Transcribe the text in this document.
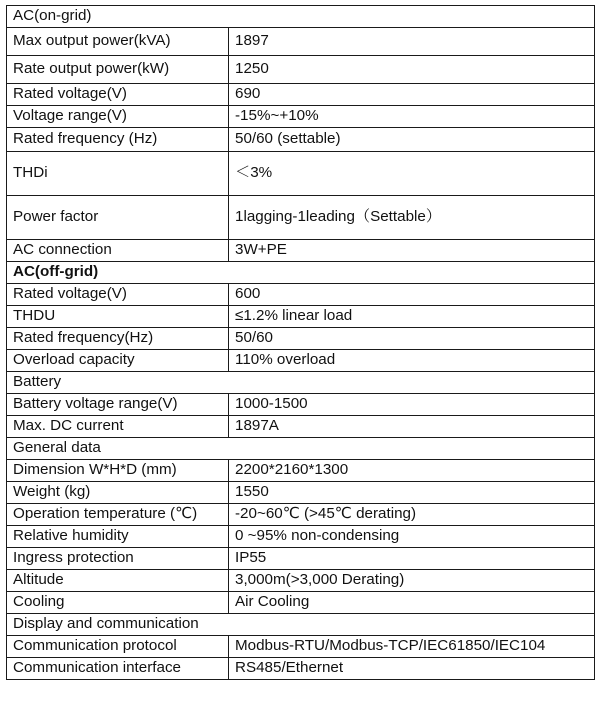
AC(on-grid)	
Max output power(kVA)	1897
Rate output power(kW)	1250
Rated voltage(V)	690
Voltage range(V)	-15%~+10%
Rated frequency (Hz)	50/60 (settable)
THDi	＜3%
Power factor	1lagging-1leading（Settable）
AC connection	3W+PE
AC(off-grid)	
Rated voltage(V)	600
THDU	≤1.2% linear load
Rated frequency(Hz)	50/60
Overload capacity	110% overload
Battery	
Battery voltage range(V)	1000-1500
Max. DC current	1897A
General data	
Dimension W*H*D (mm)	2200*2160*1300
Weight (kg)	1550
Operation temperature (℃)	-20~60℃ (>45℃ derating)
Relative humidity	0 ~95% non-condensing
Ingress protection	IP55
Altitude	3,000m(>3,000 Derating)
Cooling	Air Cooling
Display and communication	
Communication protocol	Modbus-RTU/Modbus-TCP/IEC61850/IEC104
Communication interface	RS485/Ethernet
